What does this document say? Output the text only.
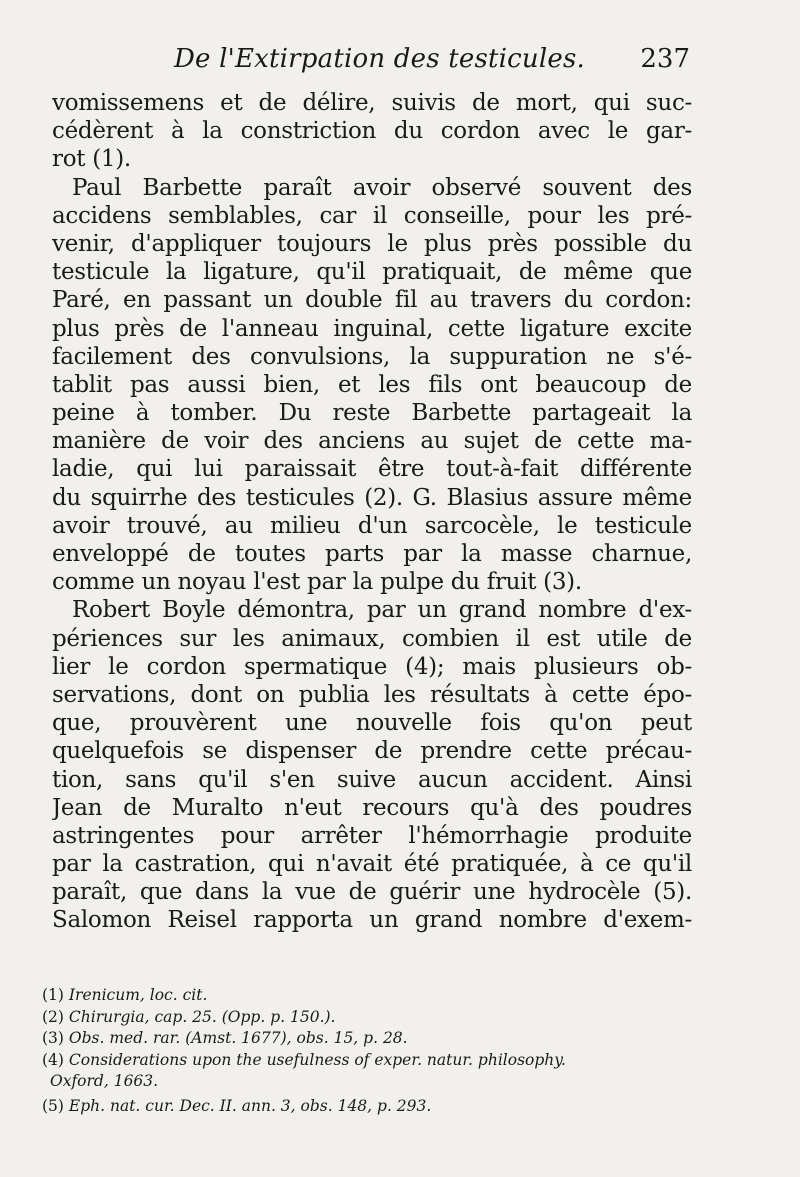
De l'Extirpation des testicules. 237
vomissemens et de délire, suivis de mort, qui suc-
cédèrent à la constriction du cordon avec le gar-
rot (1).
Paul Barbette paraît avoir observé souvent des
accidens semblables, car il conseille, pour les pré-
venir, d'appliquer toujours le plus près possible du
testicule la ligature, qu'il pratiquait, de même que
Paré, en passant un double fil au travers du cordon:
plus près de l'anneau inguinal, cette ligature excite
facilement des convulsions, la suppuration ne s'é-
tablit pas aussi bien, et les fils ont beaucoup de
peine à tomber. Du reste Barbette partageait la
manière de voir des anciens au sujet de cette ma-
ladie, qui lui paraissait être tout-à-fait différente
du squirrhe des testicules (2). G. Blasius assure même
avoir trouvé, au milieu d'un sarcocèle, le testicule
enveloppé de toutes parts par la masse charnue,
comme un noyau l'est par la pulpe du fruit (3).
Robert Boyle démontra, par un grand nombre d'ex-
périences sur les animaux, combien il est utile de
lier le cordon spermatique (4); mais plusieurs ob-
servations, dont on publia les résultats à cette épo-
que, prouvèrent une nouvelle fois qu'on peut
quelquefois se dispenser de prendre cette précau-
tion, sans qu'il s'en suive aucun accident. Ainsi
Jean de Muralto n'eut recours qu'à des poudres
astringentes pour arrêter l'hémorrhagie produite
par la castration, qui n'avait été pratiquée, à ce qu'il
paraît, que dans la vue de guérir une hydrocèle (5).
Salomon Reisel rapporta un grand nombre d'exem-
(1) Irenicum, loc. cit.
(2) Chirurgia, cap. 25. (Opp. p. 150.).
(3) Obs. med. rar. (Amst. 1677), obs. 15, p. 28.
(4) Considerations upon the usefulness of exper. natur. philosophy.
Oxford, 1663.
(5) Eph. nat. cur. Dec. II. ann. 3, obs. 148, p. 293.
